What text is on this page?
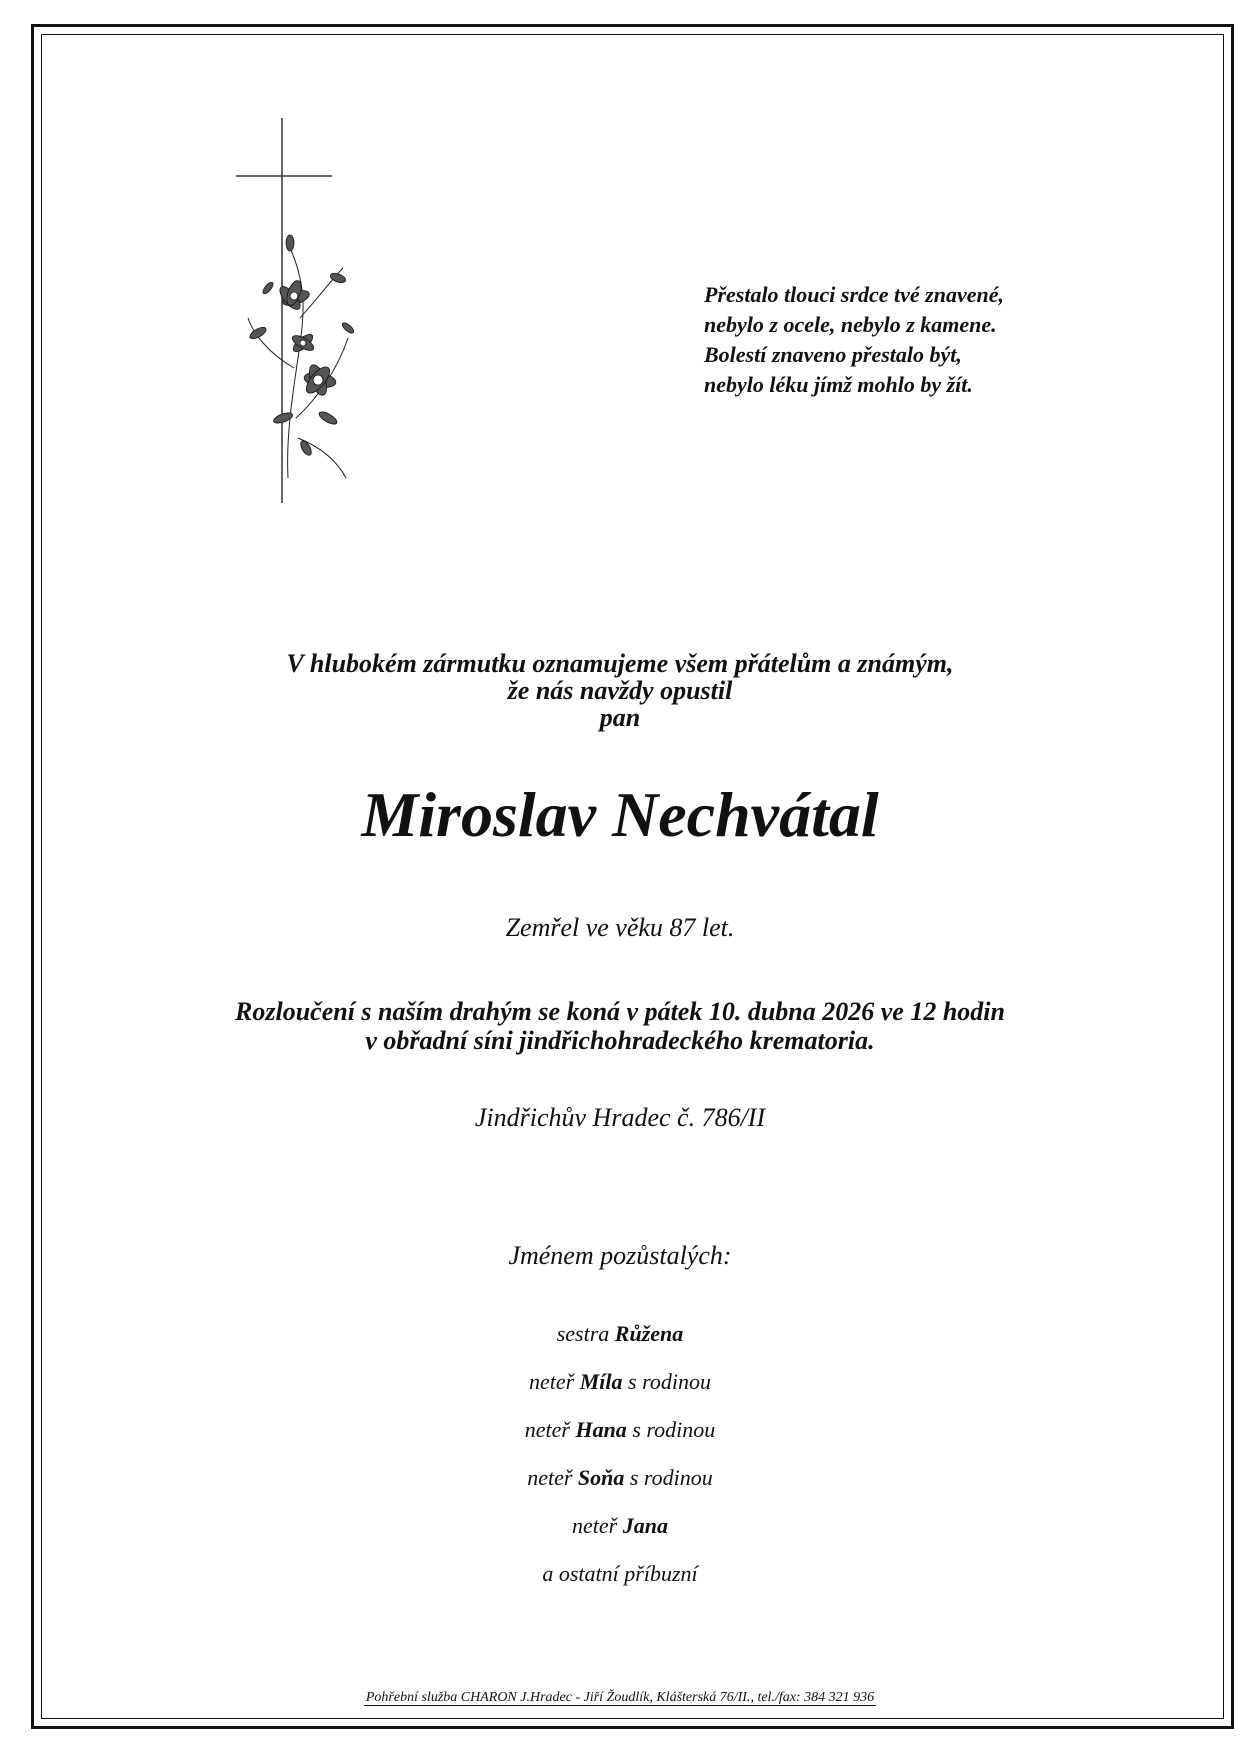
Přestalo tlouci srdce tvé znavené,
nebylo z ocele, nebylo z kamene.
Bolestí znaveno přestalo být,
nebylo léku jímž mohlo by žít.
V hlubokém zármutku oznamujeme všem přátelům a známým,
že nás navždy opustil
pan
Miroslav Nechvátal
Zemřel ve věku 87 let.
Rozloučení s naším drahým se koná v pátek 10. dubna 2026 ve 12 hodin
v obřadní síni jindřichohradeckého krematoria.
Jindřichův Hradec č. 786/II
Jménem pozůstalých:
sestra Růžena
neteř Míla s rodinou
neteř Hana s rodinou
neteř Soňa s rodinou
neteř Jana
a ostatní příbuzní
Pohřební služba CHARON J.Hradec - Jiří Žoudlík, Klášterská 76/II., tel./fax: 384 321 936
